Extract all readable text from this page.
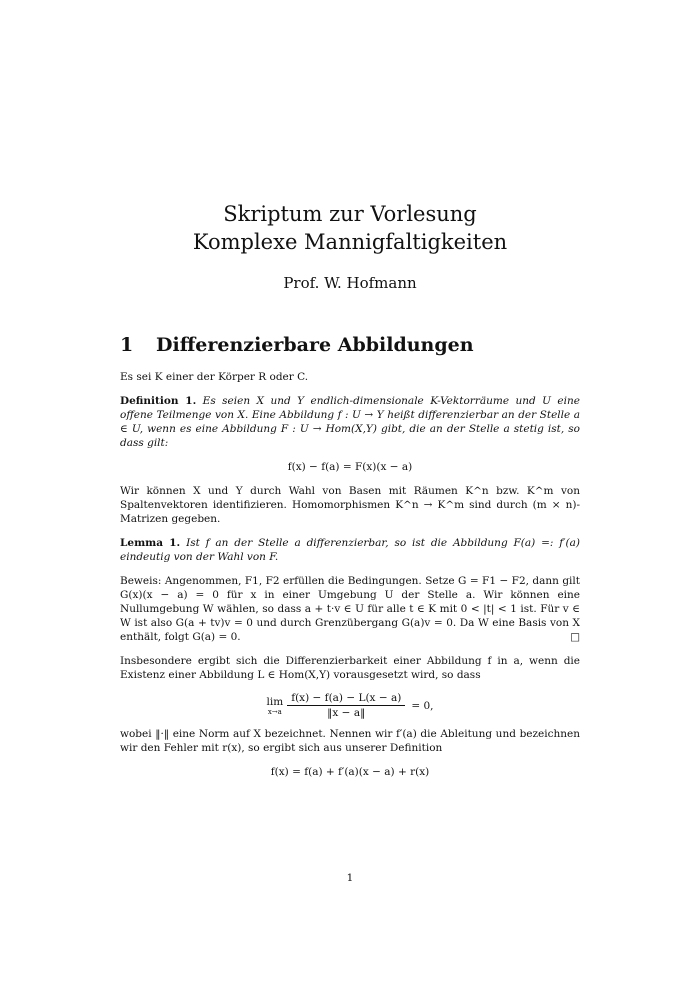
Skriptum zur Vorlesung
Komplexe Mannigfaltigkeiten
Prof. W. Hofmann
1 Differenzierbare Abbildungen

Es sei K einer der Körper R oder C.

Definition 1. Es seien X und Y endlich-dimensionale K-Vektorräume und U eine offene Teilmenge von X. Eine Abbildung f : U → Y heißt differenzierbar an der Stelle a ∈ U, wenn es eine Abbildung F : U → Hom(X,Y) gibt, die an der Stelle a stetig ist, so dass gilt:

f(x) − f(a) = F(x)(x − a)

Wir können X und Y durch Wahl von Basen mit Räumen K^n bzw. K^m von Spaltenvektoren identifizieren. Homomorphismen K^n → K^m sind durch (m × n)-Matrizen gegeben.

Lemma 1. Ist f an der Stelle a differenzierbar, so ist die Abbildung F(a) =: f′(a) eindeutig von der Wahl von F.

Beweis: Angenommen, F1, F2 erfüllen die Bedingungen. Setze G = F1 − F2, dann gilt G(x)(x − a) = 0 für x in einer Umgebung U der Stelle a. Wir können eine Nullumgebung W wählen, so dass a + t·v ∈ U für alle t ∈ K mit 0 < |t| < 1 ist. Für v ∈ W ist also G(a + tv)v = 0 und durch Grenzübergang G(a)v = 0. Da W eine Basis von X enthält, folgt G(a) = 0.	□

Insbesondere ergibt sich die Differenzierbarkeit einer Abbildung f in a, wenn die Existenz einer Abbildung L ∈ Hom(X,Y) vorausgesetzt wird, so dass

lim
$x\to a \frac{f(x) - f(a) - L(x - a)}{‖x - a‖} = 0$,

wobei ‖·‖ eine Norm auf X bezeichnet. Nennen wir f′(a) die Ableitung und bezeichnen wir den Fehler mit r(x), so ergibt sich aus unserer Definition

f(x) = f(a) + f′(a)(x − a) + r(x)
1
